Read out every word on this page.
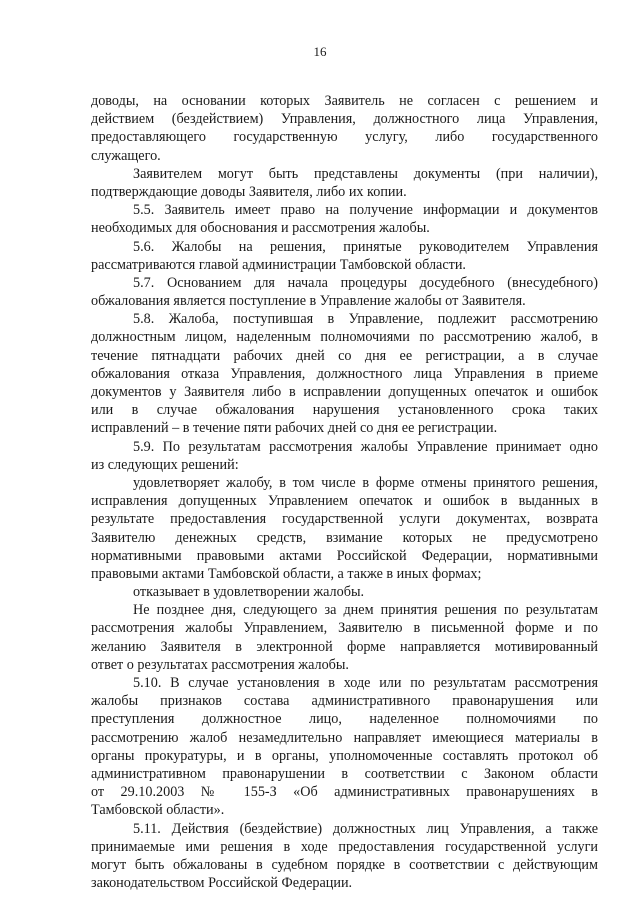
16
доводы, на основании которых Заявитель не согласен с решением и
действием (бездействием) Управления, должностного лица Управления,
предоставляющего государственную услугу, либо государственного
служащего.
Заявителем могут быть представлены документы (при наличии),
подтверждающие доводы Заявителя, либо их копии.
5.5. Заявитель имеет право на получение информации и документов
необходимых для обоснования и рассмотрения жалобы.
5.6. Жалобы на решения, принятые руководителем Управления
рассматриваются главой администрации Тамбовской области.
5.7. Основанием для начала процедуры досудебного (внесудебного)
обжалования является поступление в Управление жалобы от Заявителя.
5.8. Жалоба, поступившая в Управление, подлежит рассмотрению
должностным лицом, наделенным полномочиями по рассмотрению жалоб, в
течение пятнадцати рабочих дней со дня ее регистрации, а в случае
обжалования отказа Управления, должностного лица Управления в приеме
документов у Заявителя либо в исправлении допущенных опечаток и ошибок
или в случае обжалования нарушения установленного срока таких
исправлений – в течение пяти рабочих дней со дня ее регистрации.
5.9. По результатам рассмотрения жалобы Управление принимает одно
из следующих решений:
удовлетворяет жалобу, в том числе в форме отмены принятого решения,
исправления допущенных Управлением опечаток и ошибок в выданных в
результате предоставления государственной услуги документах, возврата
Заявителю денежных средств, взимание которых не предусмотрено
нормативными правовыми актами Российской Федерации, нормативными
правовыми актами Тамбовской области, а также в иных формах;
отказывает в удовлетворении жалобы.
Не позднее дня, следующего за днем принятия решения по результатам
рассмотрения жалобы Управлением, Заявителю в письменной форме и по
желанию Заявителя в электронной форме направляется мотивированный
ответ о результатах рассмотрения жалобы.
5.10. В случае установления в ходе или по результатам рассмотрения
жалобы признаков состава административного правонарушения или
преступления должностное лицо, наделенное полномочиями по
рассмотрению жалоб незамедлительно направляет имеющиеся материалы в
органы прокуратуры, и в органы, уполномоченные составлять протокол об
административном правонарушении в соответствии с Законом области
от 29.10.2003 № 155-З «Об административных правонарушениях в
Тамбовской области».
5.11. Действия (бездействие) должностных лиц Управления, а также
принимаемые ими решения в ходе предоставления государственной услуги
могут быть обжалованы в судебном порядке в соответствии с действующим
законодательством Российской Федерации.
